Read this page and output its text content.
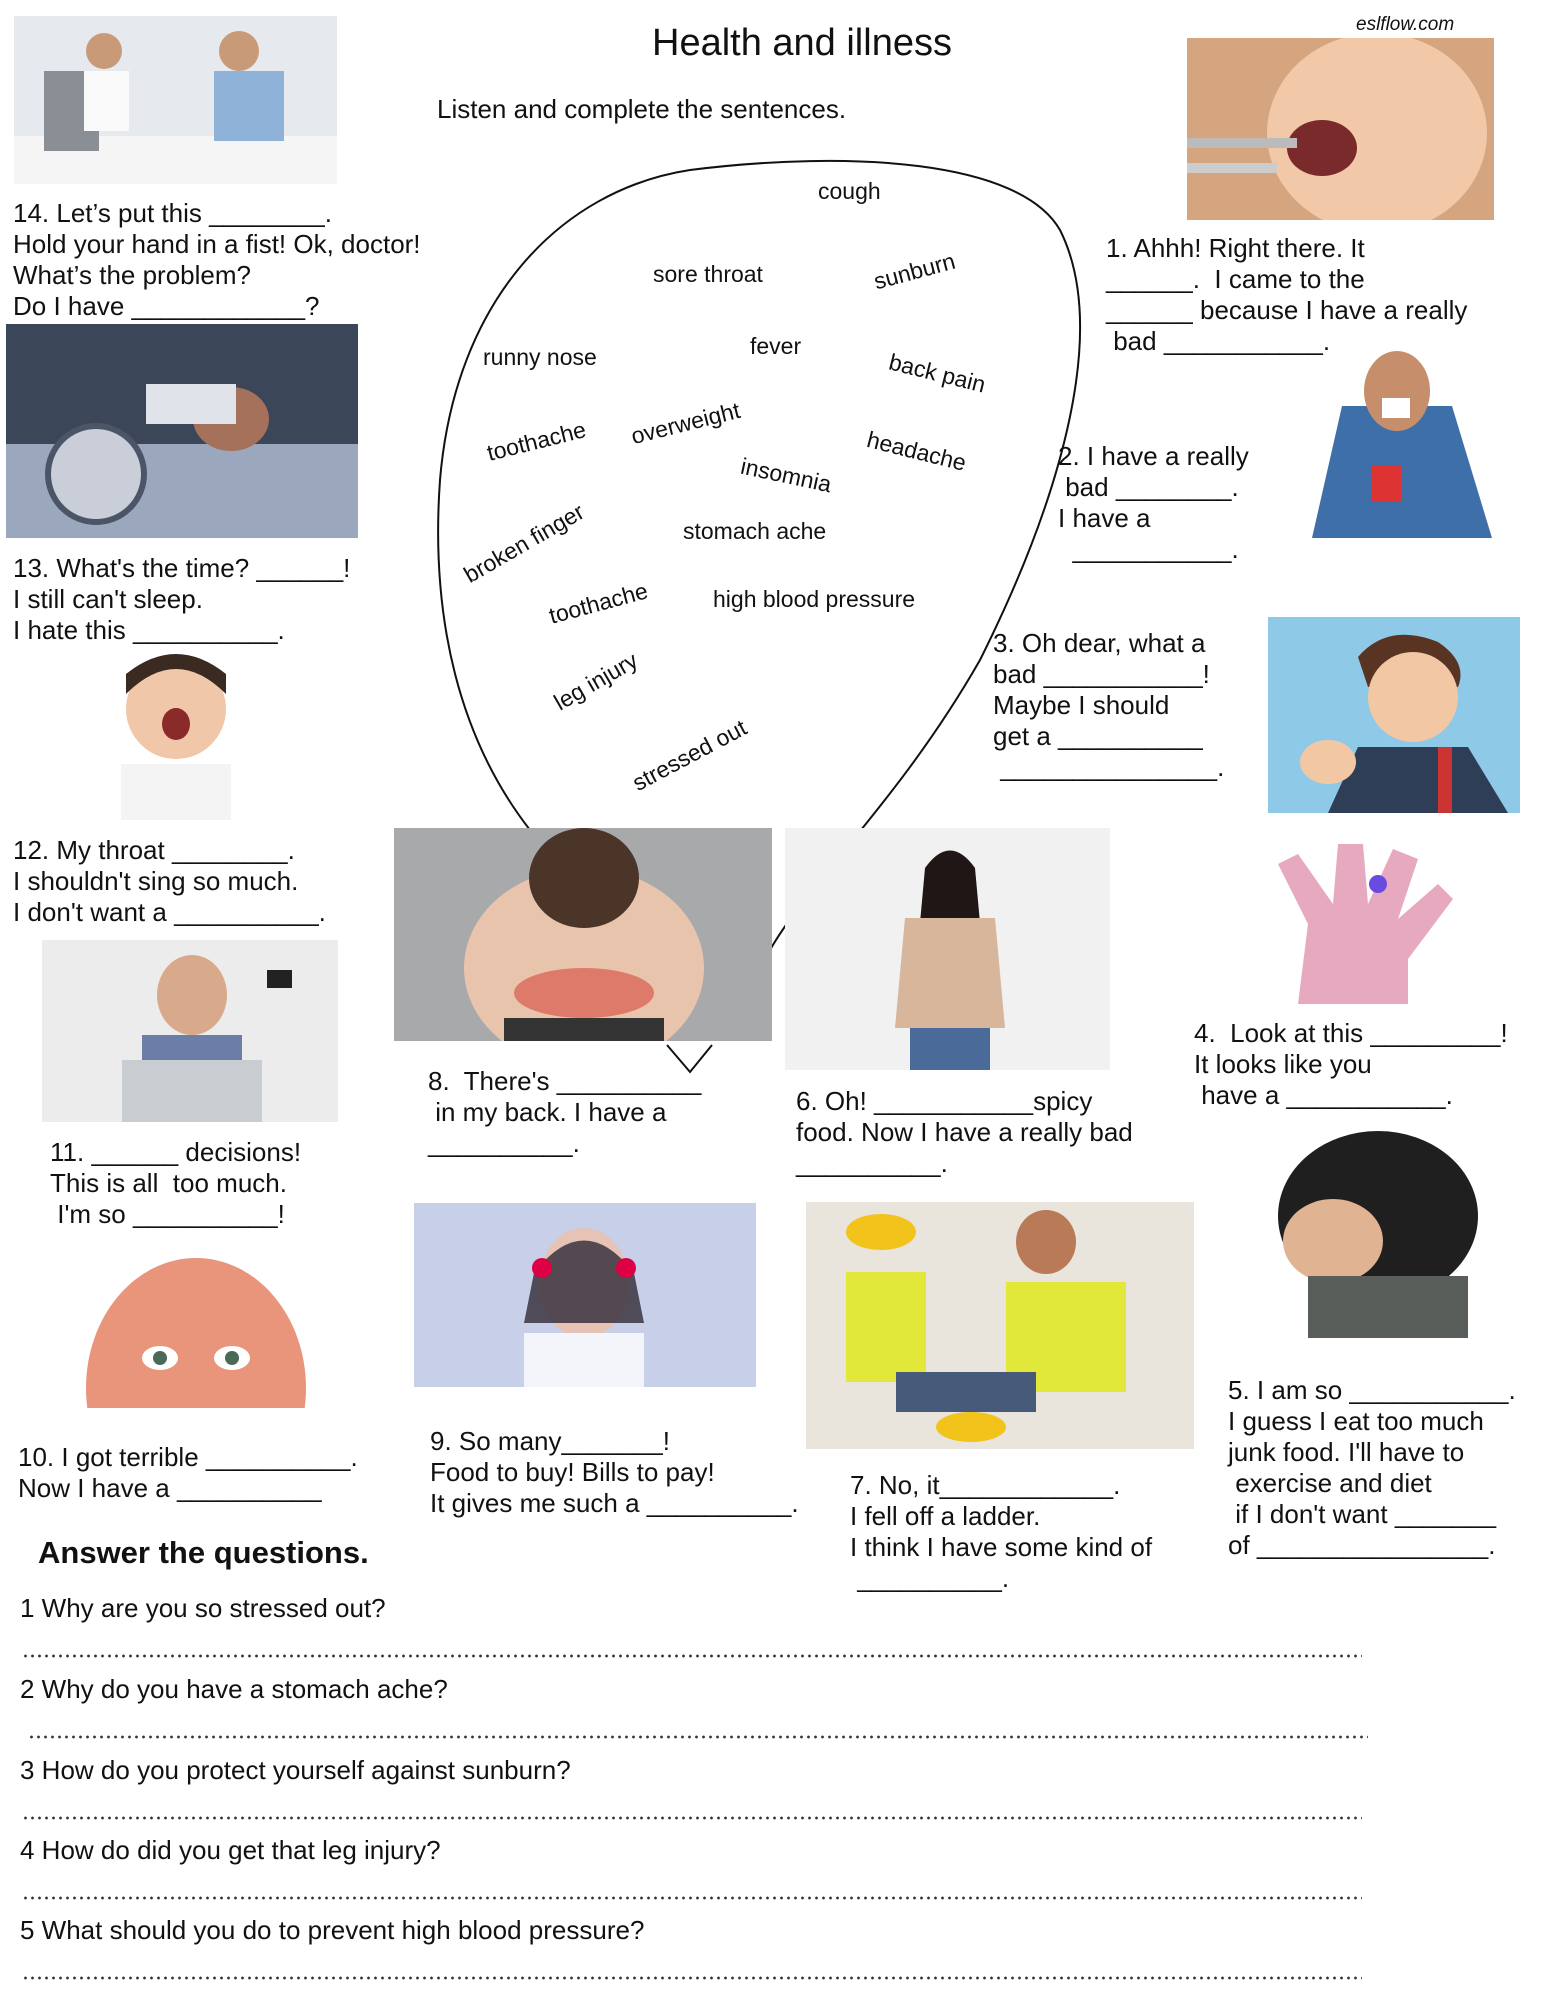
Health and illness	eslflow.com
Listen and complete the sentences.
cough
sore throat	sunburn
runny nose	fever
back pain
toothache overweight
headache
insomnia
broken finger	stomach ache
toothache	high blood pressure
leg injury
stressed out
14. Let’s put this ________.
Hold your hand in a fist! Ok, doctor!
What’s the problem?
Do I have ____________?
1. Ahhh! Right there. It
______.  I came to the
______ because I have a really
bad ___________.
2. I have a really
bad ________.
I have a
___________.
13. What's the time? ______!
I still can't sleep.
I hate this __________.	3. Oh dear, what a
bad ___________!
Maybe I should
get a __________
_______________.
12. My throat ________.
I shouldn't sing so much.
I don't want a __________.
4.  Look at this _________!
It looks like you
have a ___________.
8.  There's __________
in my back. I have a
__________.
6. Oh! ___________spicy
food. Now I have a really bad
__________.
11. ______ decisions!
This is all  too much.
I'm so __________!
5. I am so ___________.
I guess I eat too much
junk food. I'll have to
exercise and diet
if I don't want _______
of ________________.
9. So many_______!
Food to buy! Bills to pay!
It gives me such a __________.
10. I got terrible __________.
Now I have a __________	7. No, it____________.
I fell off a ladder.
I think I have some kind of
__________.
Answer the questions.
1 Why are you so stressed out?
2 Why do you have a stomach ache?
3 How do you protect yourself against sunburn?
4 How do did you get that leg injury?
5 What should you do to prevent high blood pressure?
